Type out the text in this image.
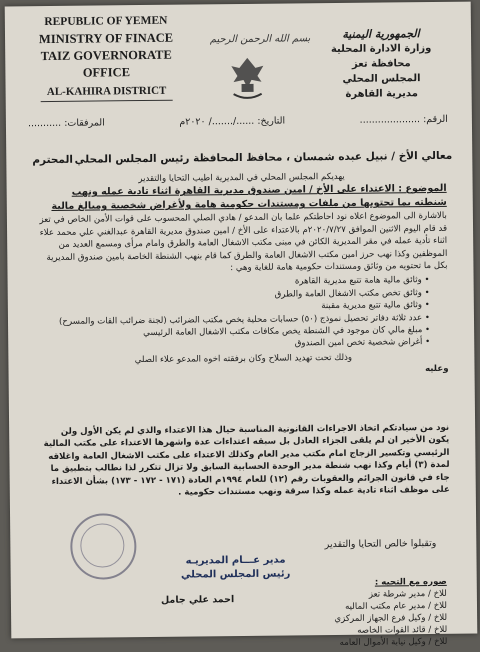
REPUBLIC OF YEMEN
MINISTRY OF FINACE
TAIZ GOVERNORATE
OFFICE
AL-KAHIRA DISTRICT
بسم الله الرحمن الرحيم	الجمهورية اليمنية
وزارة الادارة المحلية
محافظة تعز
المجلس المحلي
مديرية القاهرة
الرقم: ....................
التاريخ: ....../......./ ٢٠٢٠م
المرفقات: ...........
معالي الأخ / نبيل عبده شمسان ، محافظ المحافظة رئيس المجلس المحلي
المحترم
يهديكم المجلس المحلي في المديرية اطيب التحايا والتقدير
الموضوع : الاعتداء على الأخ / امين صندوق مديرية القاهرة اثناء تادية عمله ونهب شنطته بما تحتويها من ملفات ومستندات حكومية هامة ولأغراض شخصية ومبالغ مالية
بالاشارة الى الموضوع اعلاه نود احاطتكم علما بان المدعو / هادي الصلي المحسوب على قوات الأمن الخاص في تعز قد قام اليوم الاثنين الموافق ٢٠٢٠/٧/٢٧م بالاعتداء على الأخ / امين صندوق مديرية القاهرة عبدالغني علي محمد علاء اثناء تأدية عمله في مقر المديرية الكائن في مبنى مكتب الاشغال العامة والطرق وامام مرأى ومسمع العديد من الموظفين وكذا نهب حرز امين مكتب الاشغال العامة والطرق كما قام بنهب الشنطة الخاصة بامين صندوق المديرية بكل ما تحتويه من وثائق ومستندات حكومية هامة للغاية وهي :
• وثائق مالية هامة تتبع مديرية القاهرة
• وثائق تخص مكتب الاشغال العامة والطرق
• وثائق مالية تتبع مديرية مقبنة
• عدد ثلاثة دفاتر تحصيل نموذج (٥٠) حسابات محلية يخص مكتب الضرائب (لجنة ضرائب القات والمسرح)
• مبلغ مالي كان موجود في الشنطة يخص مكافات مكتب الاشغال العامة الرئيسي
• أغراض شخصية تخص امين الصندوق
وذلك تحت تهديد السلاح وكان برفقته اخوه المدعو علاء الصلي
وعليه
نود من سيادتكم اتخاذ الاجراءات القانونية المناسبة حيال هذا الاعتداء والذي لم يكن الأول ولن يكون الأخير ان لم يلقى الجزاء العادل بل سبقه اعتداءات عدة واشهرها الاعتداء على مكتب المالية الرئيسي وتكسير الزجاج امام مكتب مدير العام وكذلك الاعتداء على مكتب الاشغال العامة واغلاقه لمدة (٣) أيام وكذا نهب شنطة مدير الوحدة الحسابية السابق ولا تزال تتكرر لذا نطالب بتطبيق ما جاء في قانون الجرائم والعقوبات رقم (١٢) للعام ١٩٩٤م العادة (١٧١ - ١٧٢ - ١٧٣) بشأن الاعتداء على موظف اثناء تادية عمله وكذا سرقة ونهب مستندات حكومية .
وتقبلوا خالص التحايا والتقدير
مدير عـــام المديريـه
رئيس المجلس المحلي
احمد علي جامل
صوره مع التحيه :
للاخ / مدير شرطة تعز
للاخ / مدير عام مكتب الماليه
للاخ / وكيل فرع الجهاز المركزي
للاخ / قائد القوات الخاصه
للاخ / وكيل نيابة الأموال العامه
